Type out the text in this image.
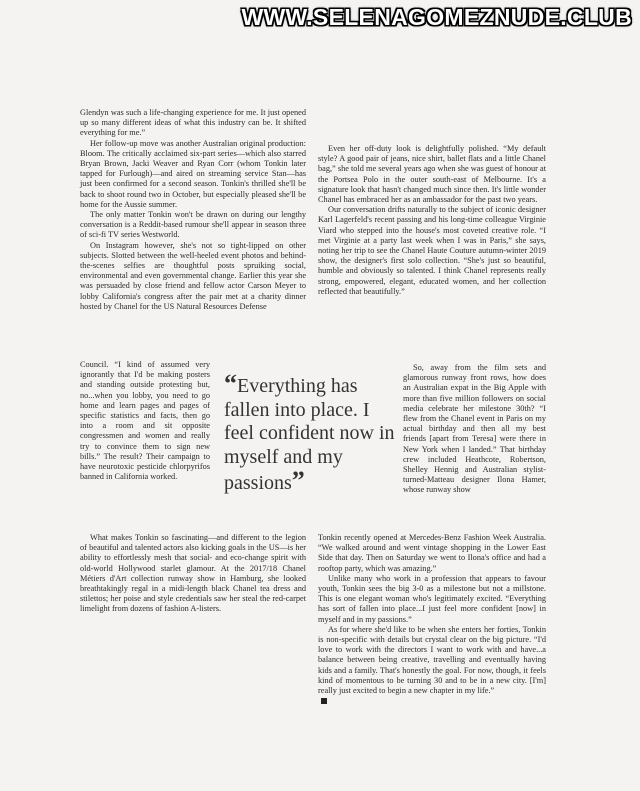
WWW.SELENAGOMEZNUDE.CLUB

Glendyn was such a life-changing experience for me. It just opened up so many different ideas of what this industry can be. It shifted everything for me.”

Her follow-up move was another Australian original production: Bloom. The critically acclaimed six-part series—which also starred Bryan Brown, Jacki Weaver and Ryan Corr (whom Tonkin later tapped for Furlough)—and aired on streaming service Stan—has just been confirmed for a second season. Tonkin's thrilled she'll be back to shoot round two in October, but especially pleased she'll be home for the Aussie summer.

The only matter Tonkin won't be drawn on during our lengthy conversation is a Reddit-based rumour she'll appear in season three of sci-fi TV series Westworld.

On Instagram however, she's not so tight-lipped on other subjects. Slotted between the well-heeled event photos and behind-the-scenes selfies are thoughtful posts spruiking social, environmental and even governmental change. Earlier this year she was persuaded by close friend and fellow actor Carson Meyer to lobby California's congress after the pair met at a charity dinner hosted by Chanel for the US Natural Resources Defense

Council. “I kind of assumed very ignorantly that I'd be making posters and standing outside protesting but, no...when you lobby, you need to go home and learn pages and pages of specific statistics and facts, then go into a room and sit opposite congressmen and women and really try to convince them to sign new bills.” The result? Their campaign to have neurotoxic pesticide chlorpyrifos banned in California worked.

What makes Tonkin so fascinating—and different to the legion of beautiful and talented actors also kicking goals in the US—is her ability to effortlessly mesh that social- and eco-change spirit with old-world Hollywood starlet glamour. At the 2017/18 Chanel Métiers d'Art collection runway show in Hamburg, she looked breathtakingly regal in a midi-length black Chanel tea dress and stilettos; her poise and style credentials saw her steal the red-carpet limelight from dozens of fashion A-listers.

Even her off-duty look is delightfully polished. “My default style? A good pair of jeans, nice shirt, ballet flats and a little Chanel bag,” she told me several years ago when she was guest of honour at the Portsea Polo in the outer south-east of Melbourne. It's a signature look that hasn't changed much since then. It's little wonder Chanel has embraced her as an ambassador for the past two years.

Our conversation drifts naturally to the subject of iconic designer Karl Lagerfeld's recent passing and his long-time colleague Virginie Viard who stepped into the house's most coveted creative role. “I met Virginie at a party last week when I was in Paris,” she says, noting her trip to see the Chanel Haute Couture autumn-winter 2019 show, the designer's first solo collection. “She's just so beautiful, humble and obviously so talented. I think Chanel represents really strong, empowered, elegant, educated women, and her collection reflected that beautifully.”

So, away from the film sets and glamorous runway front rows, how does an Australian expat in the Big Apple with more than five million followers on social media celebrate her milestone 30th? “I flew from the Chanel event in Paris on my actual birthday and then all my best friends [apart from Teresa] were there in New York when I landed.” That birthday crew included Heathcote, Robertson, Shelley Hennig and Australian stylist-turned-Matteau designer Ilona Hamer, whose runway show

Tonkin recently opened at Mercedes-Benz Fashion Week Australia. “We walked around and went vintage shopping in the Lower East Side that day. Then on Saturday we went to Ilona's office and had a rooftop party, which was amazing.”

Unlike many who work in a profession that appears to favour youth, Tonkin sees the big 3-0 as a milestone but not a millstone. This is one elegant woman who's legitimately excited. “Everything has sort of fallen into place...I just feel more confident [now] in myself and in my passions.”

As for where she'd like to be when she enters her forties, Tonkin is non-specific with details but crystal clear on the big picture. “I'd love to work with the directors I want to work with and have...a balance between being creative, travelling and eventually having kids and a family. That's honestly the goal. For now, though, it feels kind of momentous to be turning 30 and to be in a new city. [I'm] really just excited to begin a new chapter in my life.”

“Everything has fallen into place. I feel confident now in myself and my passions”
